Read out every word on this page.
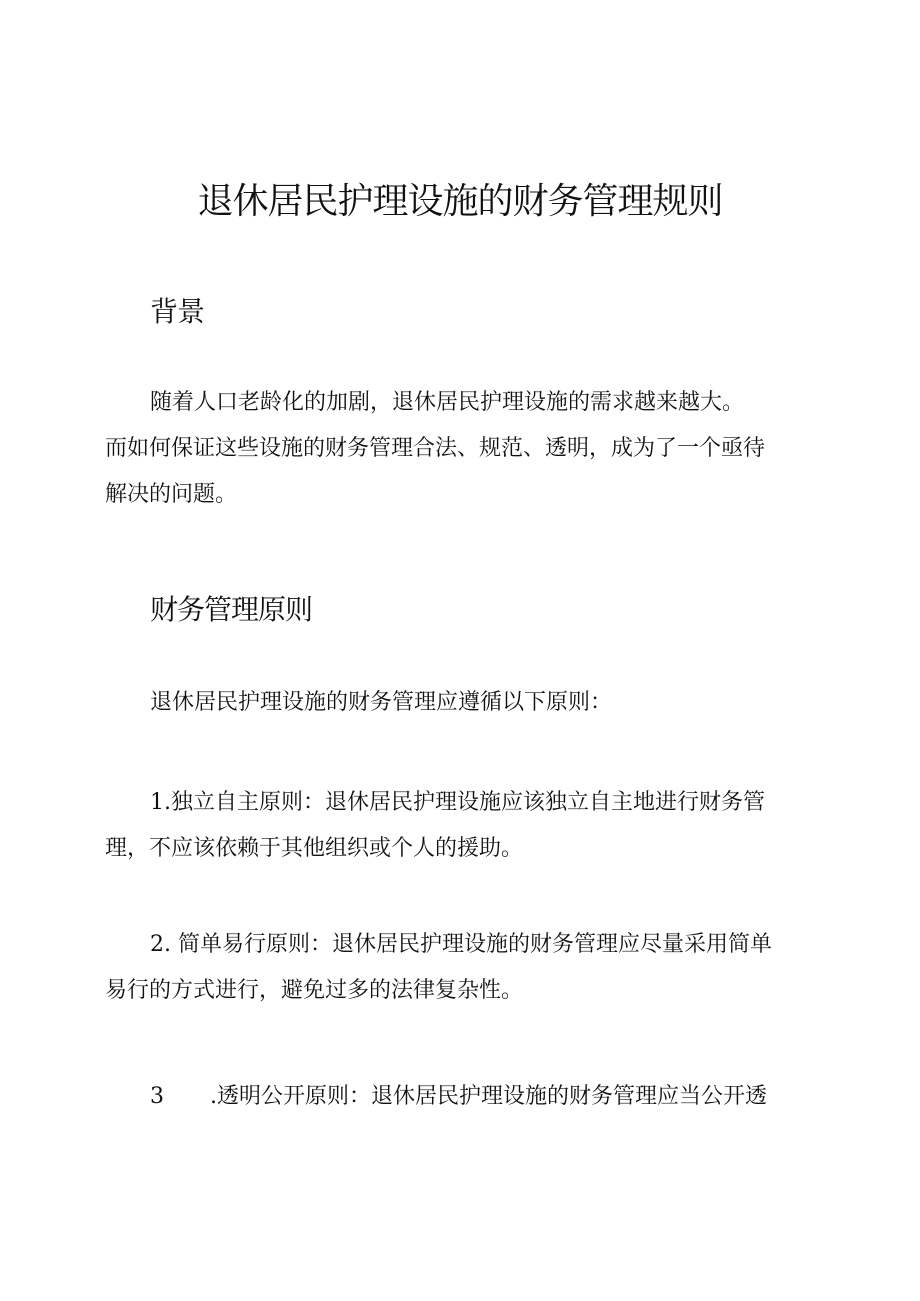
退休居民护理设施的财务管理规则
背景
随着人口老龄化的加剧，退休居民护理设施的需求越来越大。
而如何保证这些设施的财务管理合法、规范、透明，成为了一个亟待
解决的问题。
财务管理原则
退休居民护理设施的财务管理应遵循以下原则：
1.独立自主原则：退休居民护理设施应该独立自主地进行财务管
理，不应该依赖于其他组织或个人的援助。
2. 简单易行原则：退休居民护理设施的财务管理应尽量采用简单
易行的方式进行，避免过多的法律复杂性。
3 .透明公开原则：退休居民护理设施的财务管理应当公开透
